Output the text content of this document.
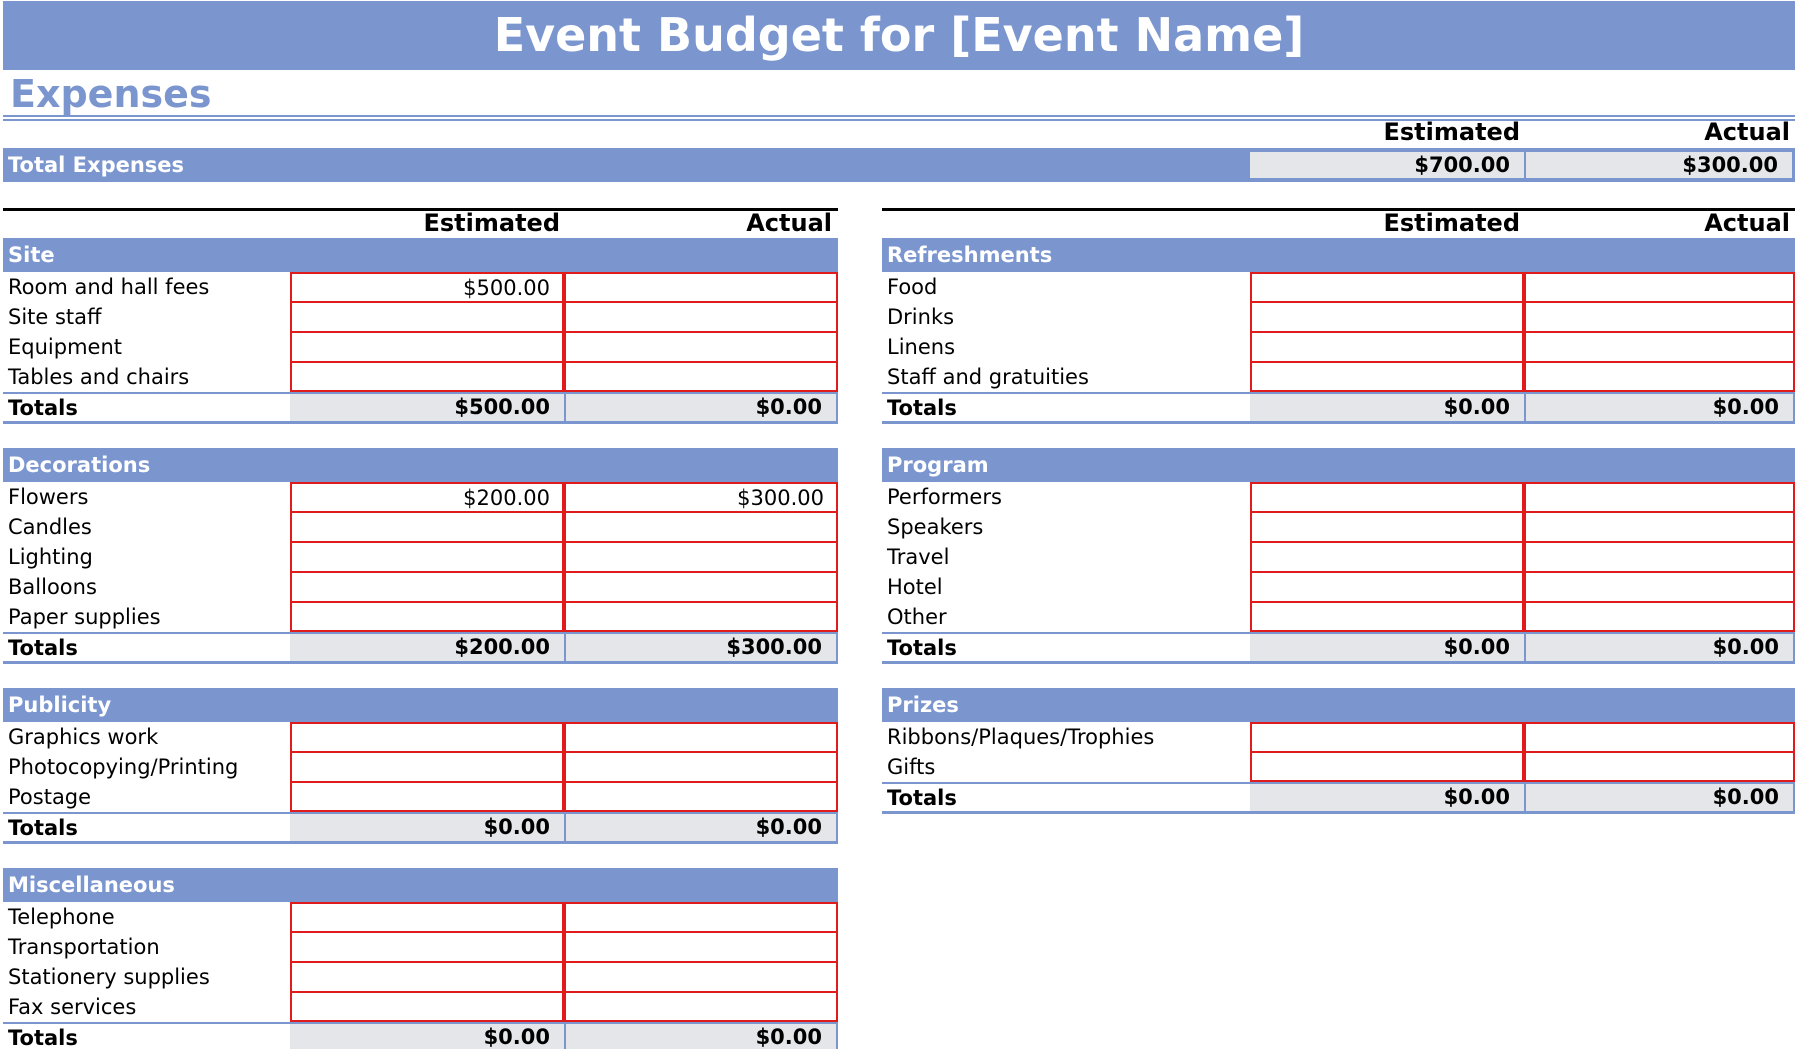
Event Budget for [Event Name]
Expenses
Estimated	Actual
Total Expenses	$700.00	$300.00
Estimated	Actual	Estimated	Actual
Site
Room and hall fees	$500.00
Site staff
Equipment
Tables and chairs
Totals	$500.00	$0.00
Decorations
Flowers	$200.00	$300.00
Candles
Lighting
Balloons
Paper supplies
Totals	$200.00	$300.00
Publicity
Graphics work
Photocopying/Printing
Postage
Totals	$0.00	$0.00
Miscellaneous
Telephone
Transportation
Stationery supplies
Fax services
Totals	$0.00	$0.00
Refreshments
Food
Drinks
Linens
Staff and gratuities
Totals	$0.00	$0.00
Program
Performers
Speakers
Travel
Hotel
Other
Totals	$0.00	$0.00
Prizes
Ribbons/Plaques/Trophies
Gifts
Totals	$0.00	$0.00
